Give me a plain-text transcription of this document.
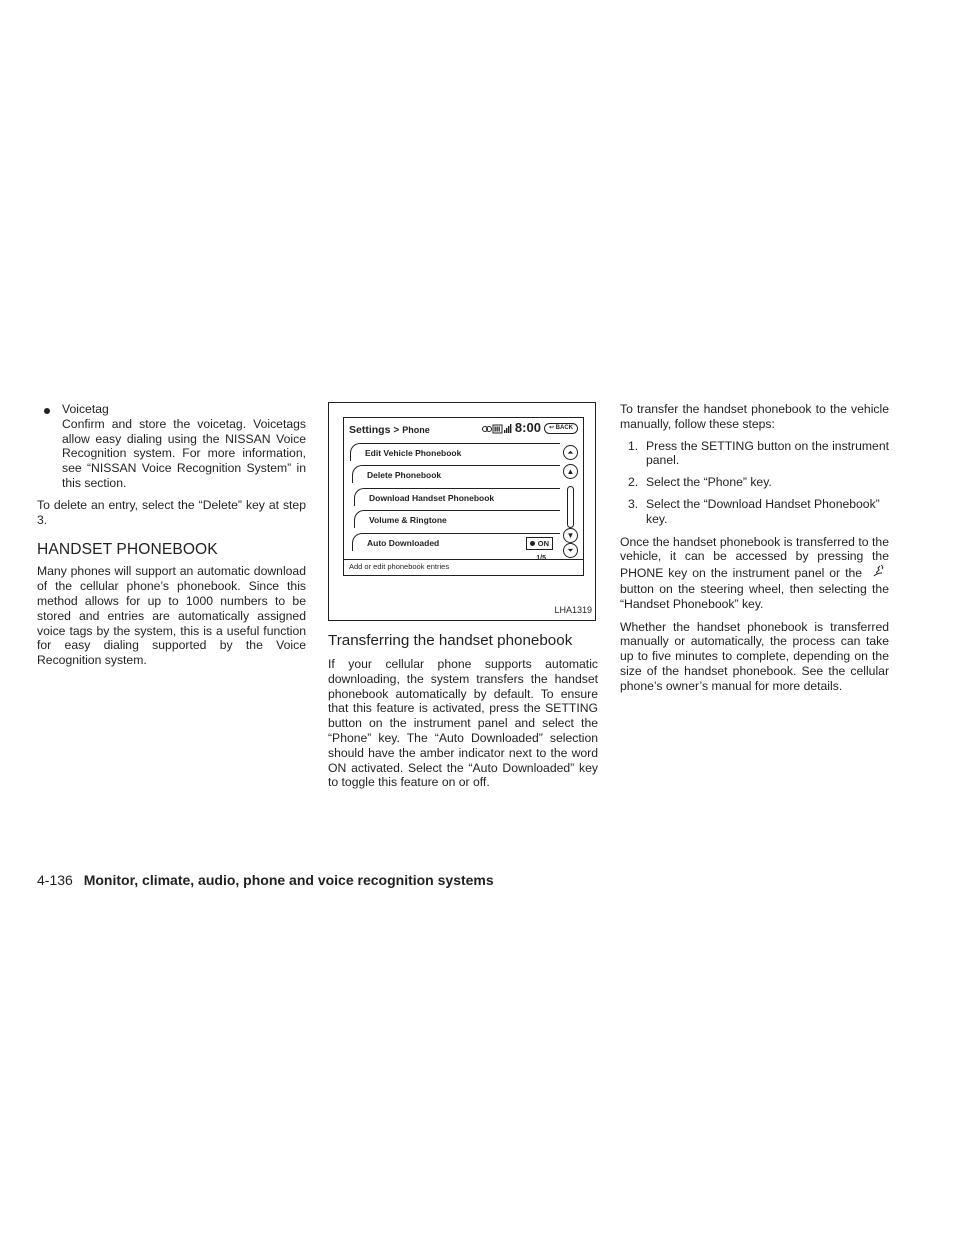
Voicetag

Confirm and store the voicetag. Voicetags allow easy dialing using the NISSAN Voice Recognition system. For more information, see “NISSAN Voice Recognition System” in this section.

To delete an entry, select the “Delete” key at step 3.

HANDSET PHONEBOOK

Many phones will support an automatic download of the cellular phone’s phonebook. Since this method allows for up to 1000 numbers to be stored and entries are automatically assigned voice tags by the system, this is a useful function for easy dialing supported by the Voice Recognition system.

Settings > Phone	8:00	↩ BACK
Edit Vehicle Phonebook
Delete Phonebook
Download Handset Phonebook
Volume & Ringtone
Auto Downloaded	ON
⏶
▲
▼
⏷
1/5
Add or edit phonebook entries
LHA1319
Transferring the handset phonebook

If your cellular phone supports automatic downloading, the system transfers the handset phonebook automatically by default. To ensure that this feature is activated, press the SETTING button on the instrument panel and select the “Phone” key. The “Auto Downloaded” selection should have the amber indicator next to the word ON activated. Select the “Auto Downloaded” key to toggle this feature on or off.

To transfer the handset phonebook to the vehicle manually, follow these steps:

1. Press the SETTING button on the instrument panel.
2. Select the “Phone” key.
3. Select the “Download Handset Phonebook” key.

Once the handset phonebook is transferred to the vehicle, it can be accessed by pressing the PHONE key on the instrument panel or the  button on the steering wheel, then selecting the “Handset Phonebook” key.

Whether the handset phonebook is transferred manually or automatically, the process can take up to five minutes to complete, depending on the size of the handset phonebook. See the cellular phone’s owner’s manual for more details.

4-136 Monitor, climate, audio, phone and voice recognition systems
